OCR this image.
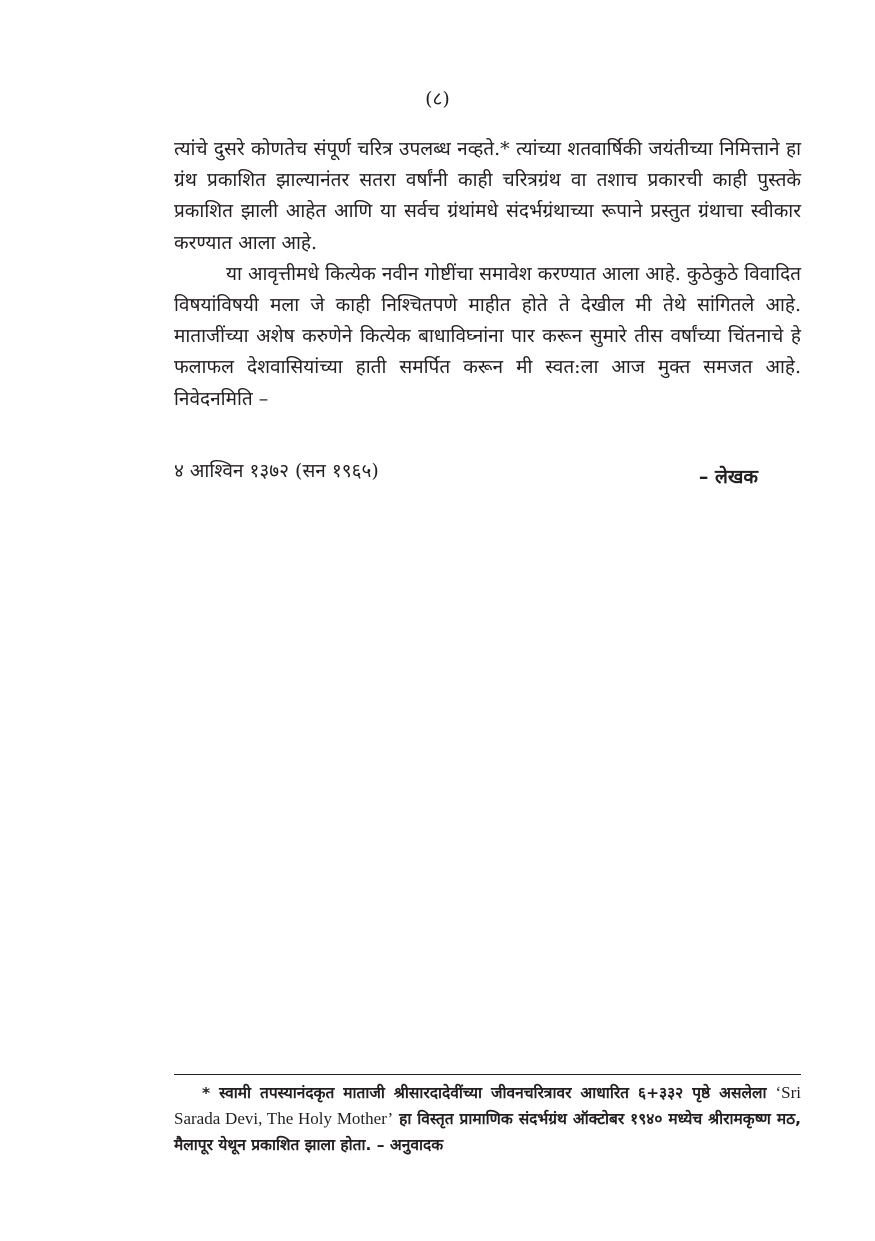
(८)

त्यांचे दुसरे कोणतेच संपूर्ण चरित्र उपलब्ध नव्हते.* त्यांच्या शतवार्षिकी जयंतीच्या निमित्ताने हा ग्रंथ प्रकाशित झाल्यानंतर सतरा वर्षांनी काही चरित्रग्रंथ वा तशाच प्रकारची काही पुस्तके प्रकाशित झाली आहेत आणि या सर्वच ग्रंथांमधे संदर्भग्रंथाच्या रूपाने प्रस्तुत ग्रंथाचा स्वीकार करण्यात आला आहे.

या आवृत्तीमधे कित्येक नवीन गोष्टींचा समावेश करण्यात आला आहे. कुठेकुठे विवादित विषयांविषयी मला जे काही निश्चितपणे माहीत होते ते देखील मी तेथे सांगितले आहे. माताजींच्या अशेष करुणेने कित्येक बाधाविघ्नांना पार करून सुमारे तीस वर्षांच्या चिंतनाचे हे फलाफल देशवासियांच्या हाती समर्पित करून मी स्वत:ला आज मुक्त समजत आहे. निवेदनमिति –

४ आश्विन १३७२ (सन १९६५)	– लेखक

* स्वामी तपस्यानंदकृत माताजी श्रीसारदादेवींच्या जीवनचरित्रावर आधारित ६+३३२ पृष्ठे असलेला ‘Sri Sarada Devi, The Holy Mother’ हा विस्तृत प्रामाणिक संदर्भग्रंथ ऑक्टोबर १९४० मध्येच श्रीरामकृष्ण मठ, मैलापूर येथून प्रकाशित झाला होता. – अनुवादक
